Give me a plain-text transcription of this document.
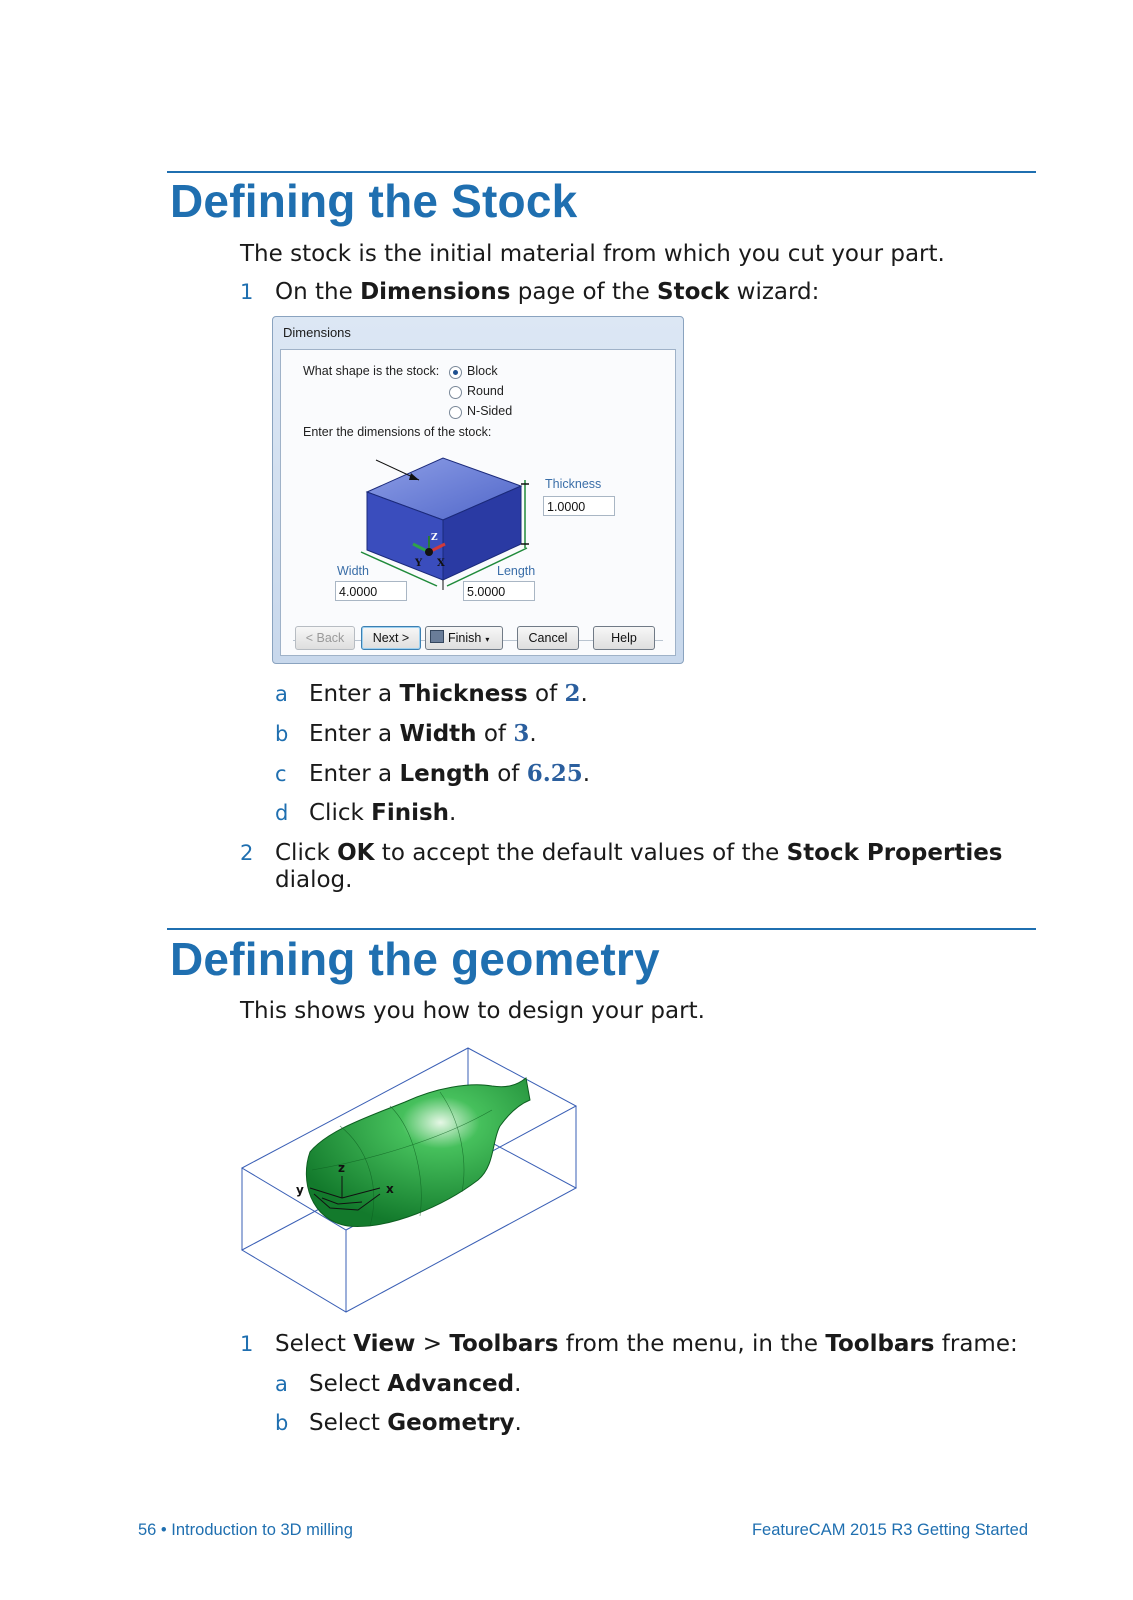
Defining the Stock
The stock is the initial material from which you cut your part.
1 On the Dimensions page of the Stock wizard:
Dimensions
What shape is the stock: Block
Round
N-Sided
Enter the dimensions of the stock:
Y X
Z
Thickness
1.0000
Width
4.0000
Length
5.0000
< Back	Next >	Finish ▾	Cancel	Help
a Enter a Thickness of 2.
b Enter a Width of 3.
c Enter a Length of 6.25.
d Click Finish.
2 Click OK to accept the default values of the Stock Properties
dialog.
Defining the geometry
This shows you how to design your part.
z
y	x
1 Select View > Toolbars from the menu, in the Toolbars frame:
a Select Advanced.
b Select Geometry.
56 • Introduction to 3D milling	FeatureCAM 2015 R3 Getting Started
